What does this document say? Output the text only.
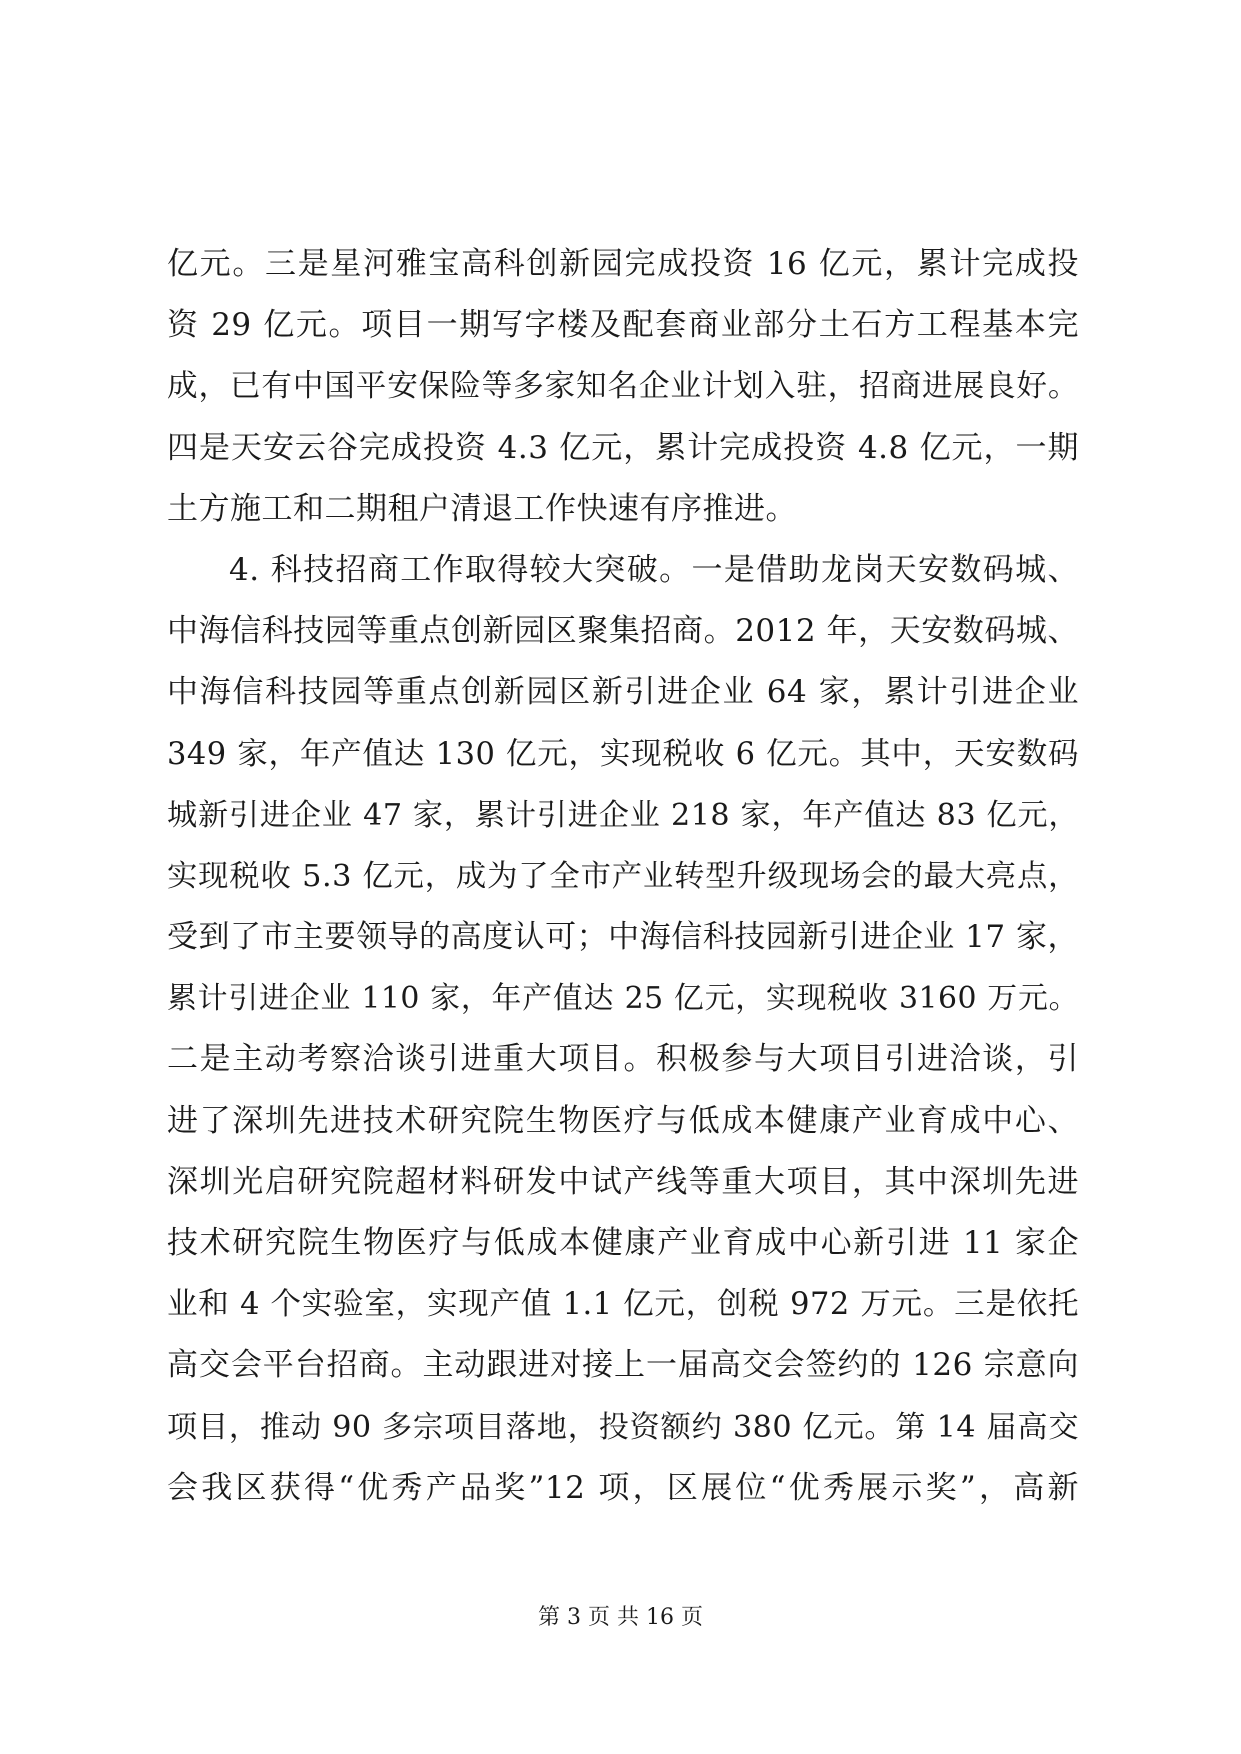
亿元。三是星河雅宝高科创新园完成投资 16 亿元，累计完成投
资 29 亿元。项目一期写字楼及配套商业部分土石方工程基本完
成，已有中国平安保险等多家知名企业计划入驻，招商进展良好。
四是天安云谷完成投资 4.3 亿元，累计完成投资 4.8 亿元，一期
土方施工和二期租户清退工作快速有序推进。
4. 科技招商工作取得较大突破。一是借助龙岗天安数码城、
中海信科技园等重点创新园区聚集招商。2012 年，天安数码城、
中海信科技园等重点创新园区新引进企业 64 家，累计引进企业
349 家，年产值达 130 亿元，实现税收 6 亿元。其中，天安数码
城新引进企业 47 家，累计引进企业 218 家，年产值达 83 亿元，
实现税收 5.3 亿元，成为了全市产业转型升级现场会的最大亮点，
受到了市主要领导的高度认可；中海信科技园新引进企业 17 家，
累计引进企业 110 家，年产值达 25 亿元，实现税收 3160 万元。
二是主动考察洽谈引进重大项目。积极参与大项目引进洽谈，引
进了深圳先进技术研究院生物医疗与低成本健康产业育成中心、
深圳光启研究院超材料研发中试产线等重大项目，其中深圳先进
技术研究院生物医疗与低成本健康产业育成中心新引进 11 家企
业和 4 个实验室，实现产值 1.1 亿元，创税 972 万元。三是依托
高交会平台招商。主动跟进对接上一届高交会签约的 126 宗意向
项目，推动 90 多宗项目落地，投资额约 380 亿元。第 14 届高交
会我区获得“优秀产品奖”12 项，区展位“优秀展示奖”，高新
第 3 页 共 16 页
